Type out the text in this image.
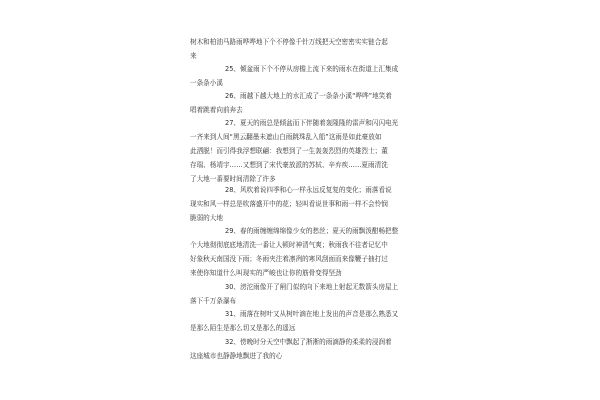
树木和柏油马路雨哗哗地下个不停像千针万线把天空密密实实链合起
来
25、倾盆雨下个不停从房檐上流下来的雨水在街道上汇集成
一条条小溪
26、雨越下越大地上的水汇成了一条条小溪“哗哗”地笑着
唱着跳着向前奔去
27、夏天的雨总是倾盆而下伴随着轰隆隆的雷声和闪闪电光
一齐来到人间“黑云翻墨未遮山白雨跳珠乱入船”这雨是如此豪放如
此洒脱！而引得我浮想联翩：我想到了一生轰轰烈烈的英雄烈士；董
存瑞、杨靖宇……又想到了宋代豪放派的苏轼、辛弃疾……夏雨清洗
了大地一番要时间清除了许多
28、风吹着说四季和心一样永远反复复的变化；雨落看说
现实和风一样总是吹落盛开中的花；轻叫看说世事和雨一样不会怜悯
脆弱的大地
29、春的雨缠缠绵绵像少女的愁丝；夏天的雨飘泼酣畅把整
个大地彻彻底底地清洗一番让人顿时神清气爽；秋雨我不往者记忆中
好象秋天南国没下雨；冬雨夹注着凛冽的寒风刮面而来像鞭子抽打过
来使你知道什么叫现实的严峻也让你的筋骨变得坚劲
30、滂沱雨像开了闸门似的向下来地上射起无数箭头房屋上
落下千万条瀑布
31、雨落在树叶又从树叶滴在地上发出的声音是那么熟悉又
是那么陌生是那么切又是那么的遥远
32、傍晚时分天空中飘起了淅淅的雨滴静的柔柔的浸润着
这座城市也静静地飘进了我的心
